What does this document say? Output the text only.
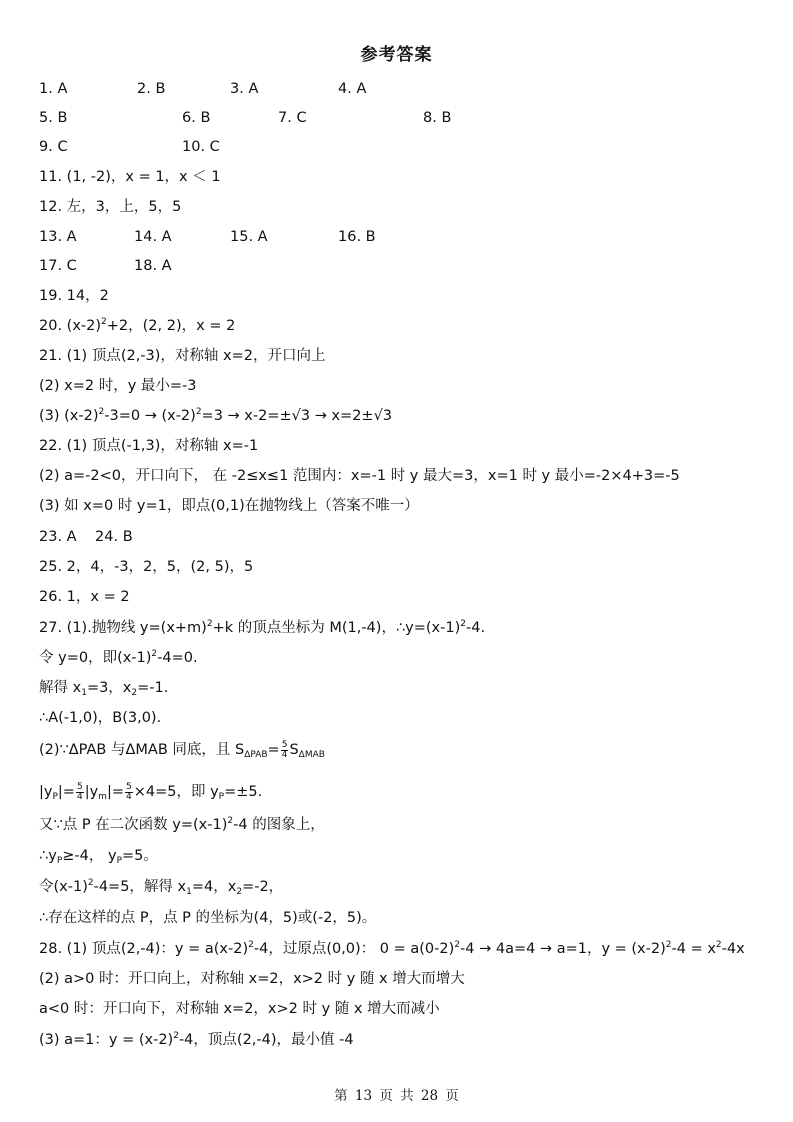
参考答案
1. A	2. B	3. A	4. A
5. B	6. B	7. C	8. B
9. C	10. C
11. (1, -2)，x = 1，x ＜ 1
12. 左，3，上，5，5
13. A	14. A	15. A	16. B
17. C	18. A
19. 14，2
20. $(x-2)^2+2$，(2, 2)，x = 2
21. (1) 顶点(2,-3)，对称轴 x=2，开口向上
(2) x=2 时，y 最小=-3
(3) $(x-2)^2-3=0 \to (x-2)^2=3 \to x-2=\pm√3 \to x=2\pm√3$
22. (1) 顶点(-1,3)，对称轴 x=-1
(2) a=-2<0，开口向下， 在 -2≤x≤1 范围内：x=-1 时 y 最大=3，x=1 时 y 最小=-2×4+3=-5
(3) 如 x=0 时 y=1，即点(0,1)在抛物线上（答案不唯一）
23. A    24. B
25. 2，4，-3，2，5，(2, 5)，5
26. 1，x = 2
27. (1).抛物线 $y=(x+m)^2+k$ 的顶点坐标为 M(1,-4)，$\therefore y=(x-1)^2-4$.
令 y=0，即$(x-1)^2-4=0$.
解得 $x_1=3$，$x_2=-1$.
∴A(-1,0)，B(3,0).
(2)∵ΔPAB 与ΔMAB 同底，且 $S_{\Delta PAB}= \frac{5}{4} S_{\Delta MAB}$
$|y_P|= \frac{5}{4} |y_m|= \frac{5}{4} \times 4=5$，即 $y_P=\pm 5$.
又∵点 P 在二次函数 $y=(x-1)^2-4$ 的图象上，
$\therefore y_P\ge-4$， $y_P=5$。
令$(x-1)^2-4=5$，解得 $x_1=4$，$x_2=-2$，
∴存在这样的点 P，点 P 的坐标为(4，5)或(-2，5)。
28. (1) 顶点(2,-4)：$y = a(x-2)^2-4$，过原点(0,0)： $0 = a(0-2)^2-4 \to 4a=4 \to a=1$，$y = (x-2)^2-4 = x^2-4x$
(2) a>0 时：开口向上，对称轴 x=2，x>2 时 y 随 x 增大而增大
a<0 时：开口向下，对称轴 x=2，x>2 时 y 随 x 增大而减小
(3) a=1：$y = (x-2)^2-4$，顶点(2,-4)，最小值 -4
第 13 页 共 28 页
